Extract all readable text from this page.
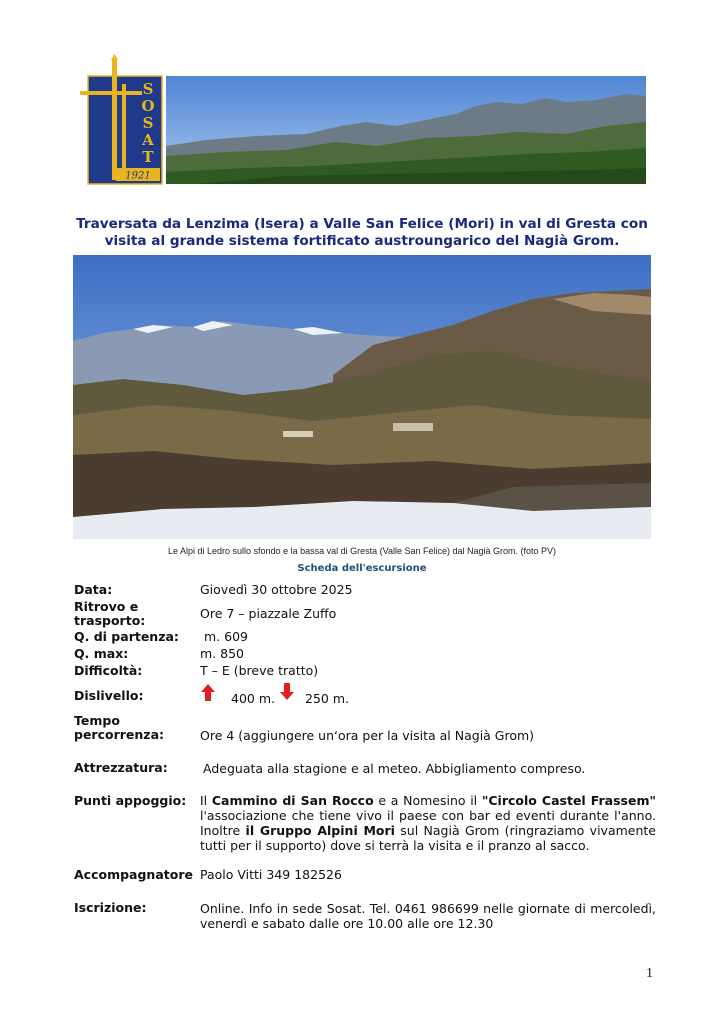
S
O
S
A
T
1921
Traversata da Lenzima (Isera) a Valle San Felice (Mori) in val di Gresta con visita al grande sistema fortificato austroungarico del Nagià Grom.
Le Alpi di Ledro sullo sfondo e la bassa val di Gresta (Valle San Felice) dal Nagià Grom. (foto PV)
Scheda dell'escursione
Data:	Giovedì 30 ottobre 2025
Ritrovo e
trasporto:	Ore 7 – piazzale Zuffo
Q. di partenza: m. 609
Q. max:	m. 850
Difficoltà:	T – E (breve tratto)
Dislivello:	400 m. 250 m.
Tempo
percorrenza:	Ore 4 (aggiungere un‘ora per la visita al Nagià Grom)
Attrezzatura:	Adeguata alla stagione e al meteo. Abbigliamento compreso.
Punti appoggio: Il Cammino di San Rocco e a Nomesino il "Circolo Castel Frassem" l'associazione che tiene vivo il paese con bar ed eventi durante l'anno. Inoltre il Gruppo Alpini Mori sul Nagià Grom (ringraziamo vivamente tutti per il supporto) dove si terrà la visita e il pranzo al sacco.
Accompagnatore Paolo Vitti 349 182526
Iscrizione:	Online. Info in sede Sosat. Tel. 0461 986699 nelle giornate di mercoledì, venerdì e sabato dalle ore 10.00 alle ore 12.30
1
